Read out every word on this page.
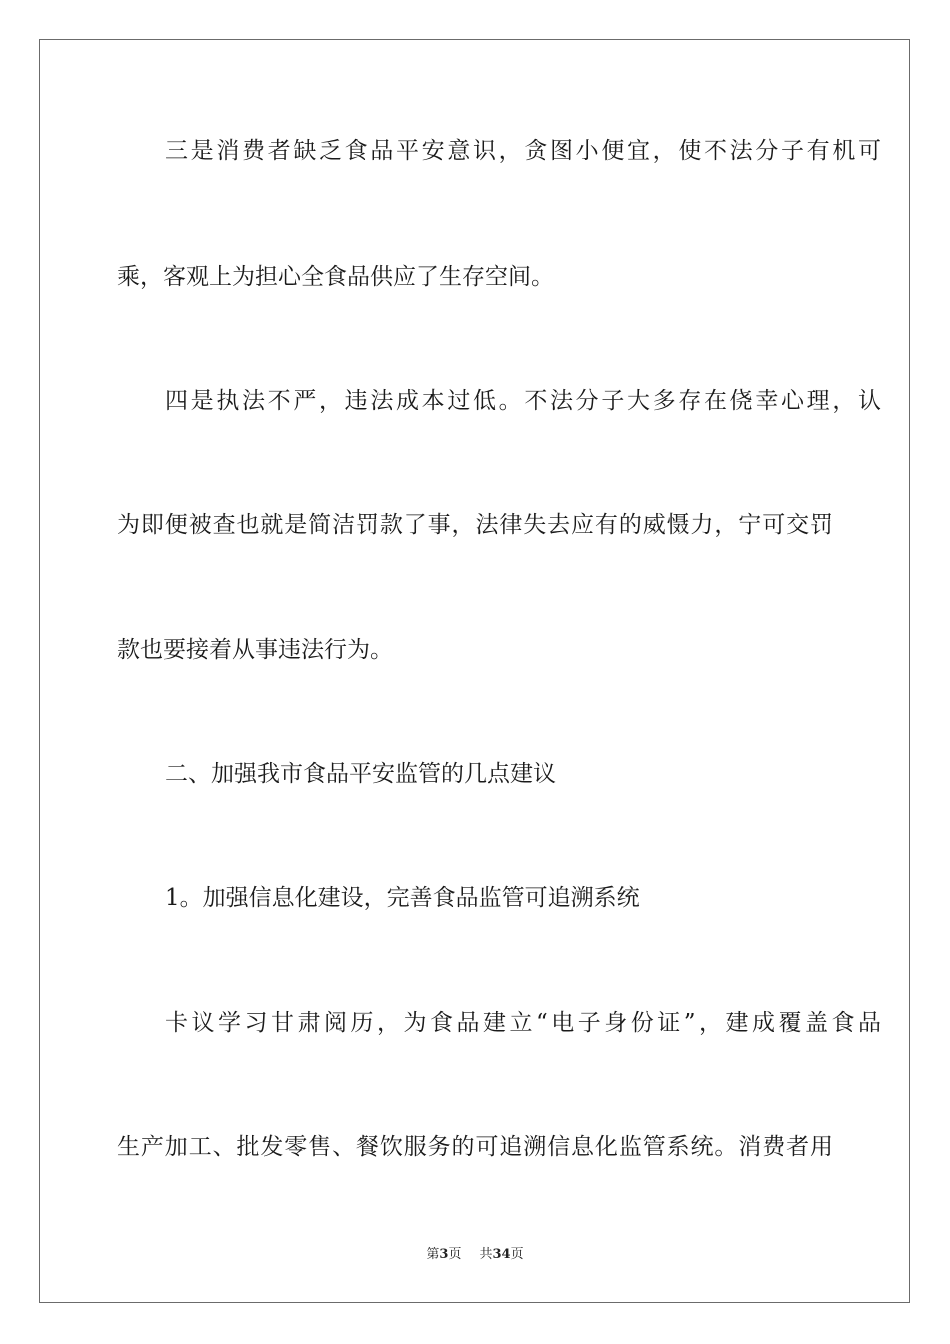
三是消费者缺乏食品平安意识，贪图小便宜，使不法分子有机可
乘，客观上为担心全食品供应了生存空间。
四是执法不严，违法成本过低。不法分子大多存在侥幸心理，认
为即便被查也就是简洁罚款了事，法律失去应有的威慑力，宁可交罚
款也要接着从事违法行为。
二、加强我市食品平安监管的几点建议
1。加强信息化建设，完善食品监管可追溯系统
卡议学习甘肃阅历，为食品建立“电子身份证”，建成覆盖食品
生产加工、批发零售、餐饮服务的可追溯信息化监管系统。消费者用
第3页 共34页
